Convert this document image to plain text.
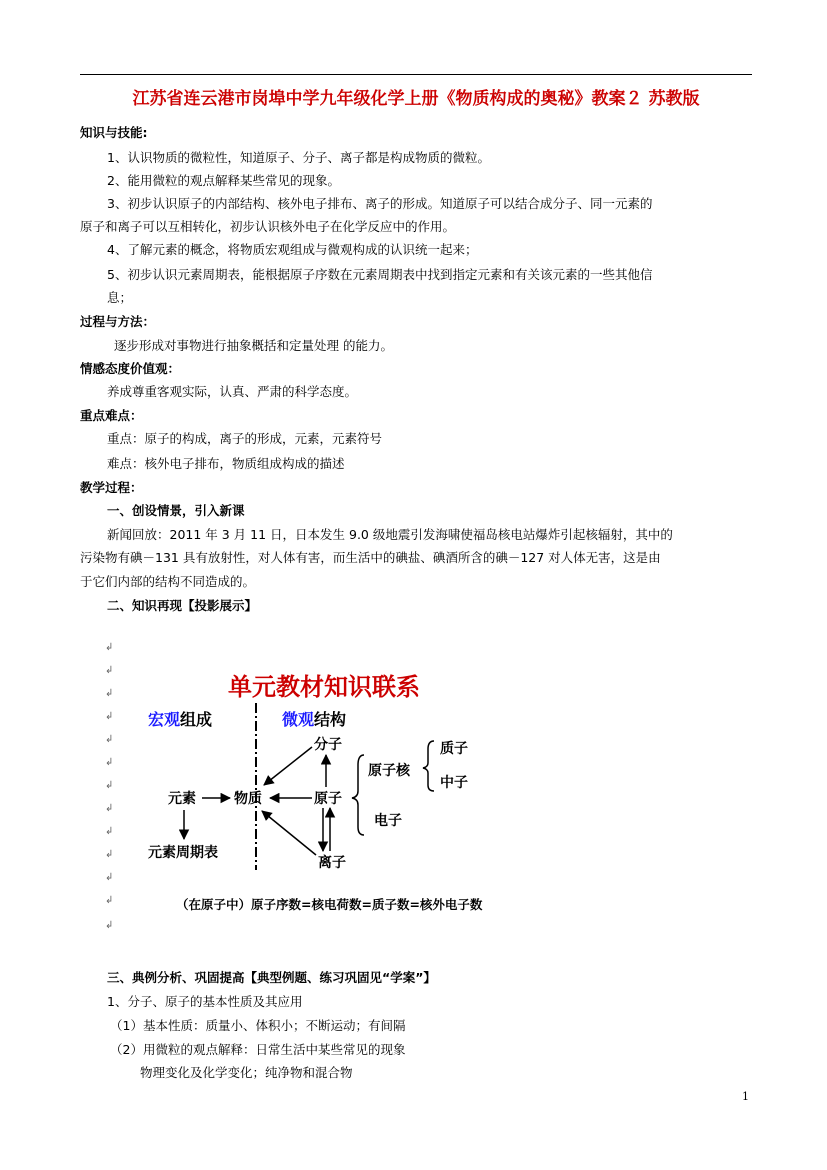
江苏省连云港市岗埠中学九年级化学上册《物质构成的奥秘》教案２ 苏教版
知识与技能:
1、认识物质的微粒性，知道原子、分子、离子都是构成物质的微粒。
2、能用微粒的观点解释某些常见的现象。
3、初步认识原子的内部结构、核外电子排布、离子的形成。知道原子可以结合成分子、同一元素的
原子和离子可以互相转化，初步认识核外电子在化学反应中的作用。
4、了解元素的概念，将物质宏观组成与微观构成的认识统一起来；
5、初步认识元素周期表，能根据原子序数在元素周期表中找到指定元素和有关该元素的一些其他信
息；
过程与方法：
逐步形成对事物进行抽象概括和定量处理 的能力。
情感态度价值观：
养成尊重客观实际，认真、严肃的科学态度。
重点难点：
重点：原子的构成，离子的形成，元素，元素符号
难点：核外电子排布，物质组成构成的描述
教学过程：
一、创设情景，引入新课
新闻回放：2011 年 3 月 11 日，日本发生 9.0 级地震引发海啸使福岛核电站爆炸引起核辐射，其中的
污染物有碘－131 具有放射性，对人体有害，而生活中的碘盐、碘酒所含的碘－127 对人体无害，这是由
于它们内部的结构不同造成的。
二、知识再现【投影展示】
↲
↲
↲
↲
↲
↲
↲
↲
↲
↲
↲
↲
↲
单元教材知识联系
宏观组成	微观结构
元素	物质
元素周期表
分子
原子
离子
原子核
电子
质子
中子
（在原子中）原子序数=核电荷数=质子数=核外电子数
三、典例分析、巩固提高【典型例题、练习巩固见“学案”】
1、分子、原子的基本性质及其应用
（1）基本性质：质量小、体积小；不断运动；有间隔
（2）用微粒的观点解释：日常生活中某些常见的现象
物理变化及化学变化；纯净物和混合物
1
